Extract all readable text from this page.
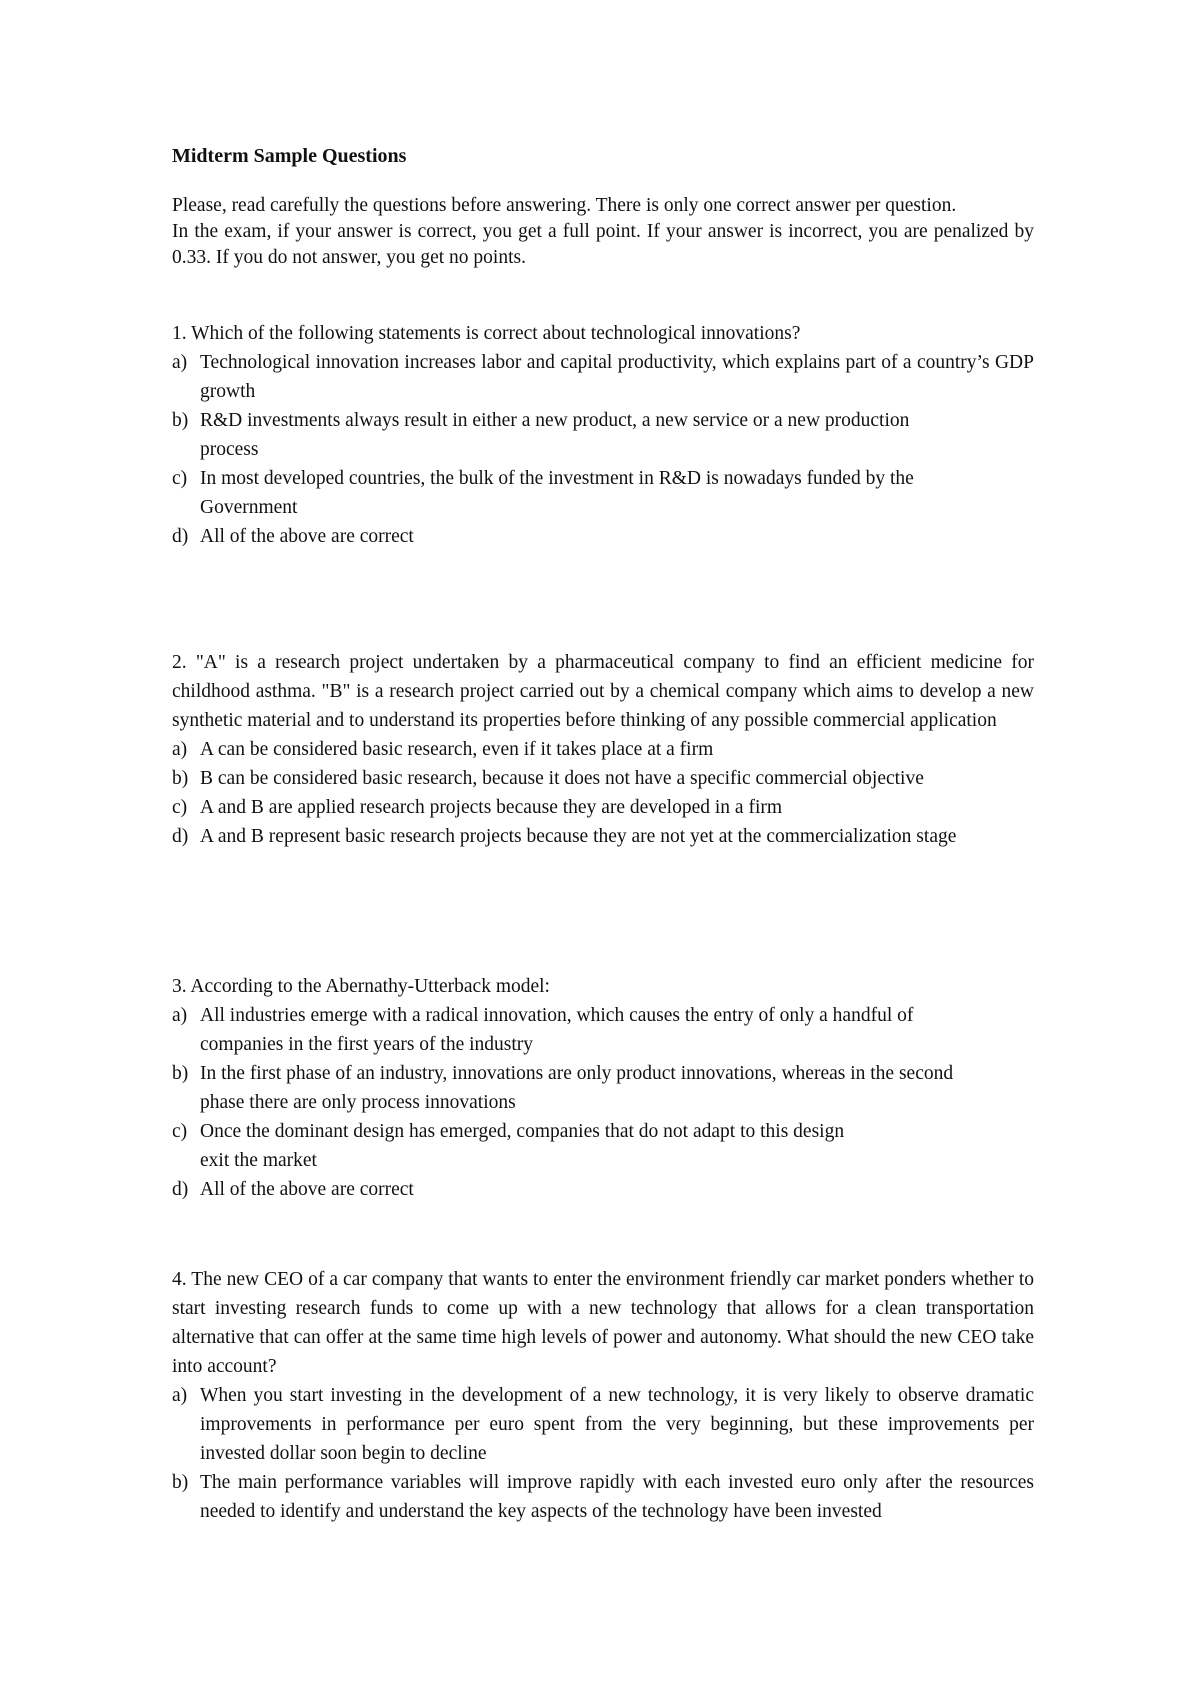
Midterm Sample Questions

Please, read carefully the questions before answering. There is only one correct answer per question.

In the exam, if your answer is correct, you get a full point. If your answer is incorrect, you are penalized by 0.33. If you do not answer, you get no points.

1. Which of the following statements is correct about technological innovations?

a) Technological innovation increases labor and capital productivity, which explains part of a country’s GDP growth
b) R&D investments always result in either a new product, a new service or a new production process
c) In most developed countries, the bulk of the investment in R&D is nowadays funded by the Government
d) All of the above are correct

2. "A" is a research project undertaken by a pharmaceutical company to find an efficient medicine for childhood asthma. "B" is a research project carried out by a chemical company which aims to develop a new synthetic material and to understand its properties before thinking of any possible commercial application

a) A can be considered basic research, even if it takes place at a firm
b) B can be considered basic research, because it does not have a specific commercial objective
c) A and B are applied research projects because they are developed in a firm
d) A and B represent basic research projects because they are not yet at the commercialization stage

3. According to the Abernathy-Utterback model:

a) All industries emerge with a radical innovation, which causes the entry of only a handful of companies in the first years of the industry
b) In the first phase of an industry, innovations are only product innovations, whereas in the second phase there are only process innovations
c) Once the dominant design has emerged, companies that do not adapt to this design exit the market
d) All of the above are correct

4. The new CEO of a car company that wants to enter the environment friendly car market ponders whether to start investing research funds to come up with a new technology that allows for a clean transportation alternative that can offer at the same time high levels of power and autonomy. What should the new CEO take into account?

a) When you start investing in the development of a new technology, it is very likely to observe dramatic improvements in performance per euro spent from the very beginning, but these improvements per invested dollar soon begin to decline
b) The main performance variables will improve rapidly with each invested euro only after the resources needed to identify and understand the key aspects of the technology have been invested
